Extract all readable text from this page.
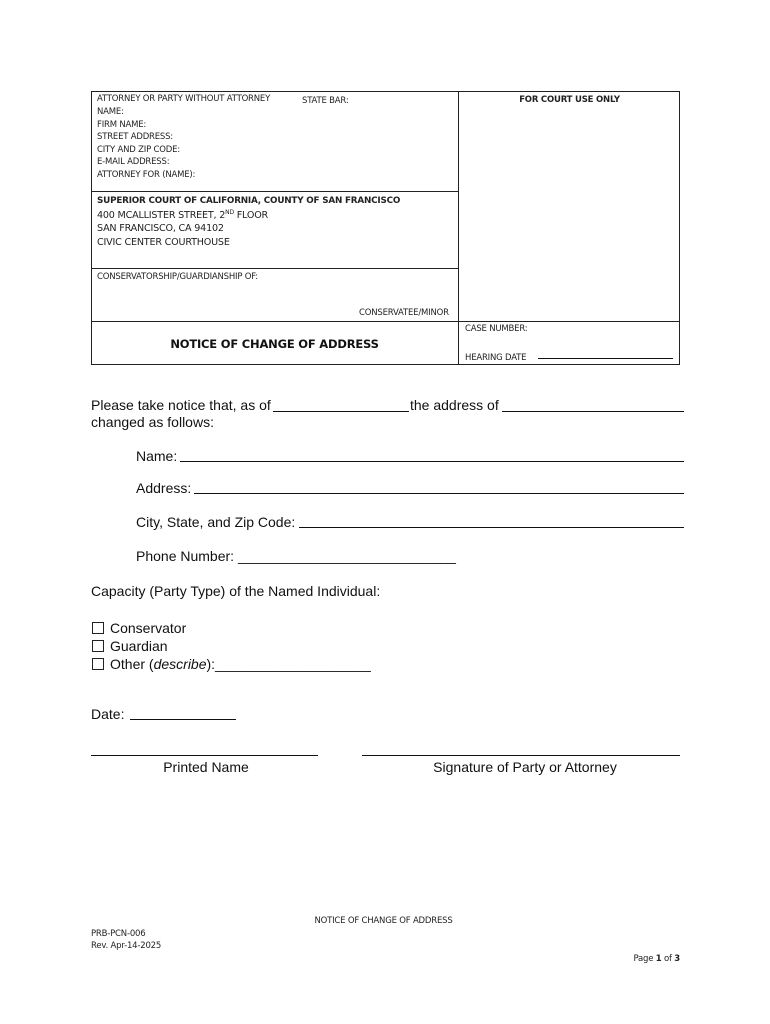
ATTORNEY OR PARTY WITHOUT ATTORNEY	STATE BAR:	FOR COURT USE ONLY
NAME:
FIRM NAME:
STREET ADDRESS:
CITY AND ZIP CODE:
E-MAIL ADDRESS:
ATTORNEY FOR (NAME):
SUPERIOR COURT OF CALIFORNIA, COUNTY OF SAN FRANCISCO
400 MCALLISTER STREET, 2ND FLOOR
SAN FRANCISCO, CA 94102
CIVIC CENTER COURTHOUSE
CONSERVATORSHIP/GUARDIANSHIP OF:
CONSERVATEE/MINOR
NOTICE OF CHANGE OF ADDRESS
CASE NUMBER:
HEARING DATE
Please take notice that, as of	the address of
changed as follows:
Name:
Address:
City, State, and Zip Code:
Phone Number: ____________________________
Capacity (Party Type) of the Named Individual:
Conservator
Guardian
Other (describe):____________________
Date:
Printed Name	Signature of Party or Attorney
NOTICE OF CHANGE OF ADDRESS
PRB-PCN-006
Rev. Apr-14-2025
Page 1 of 3
